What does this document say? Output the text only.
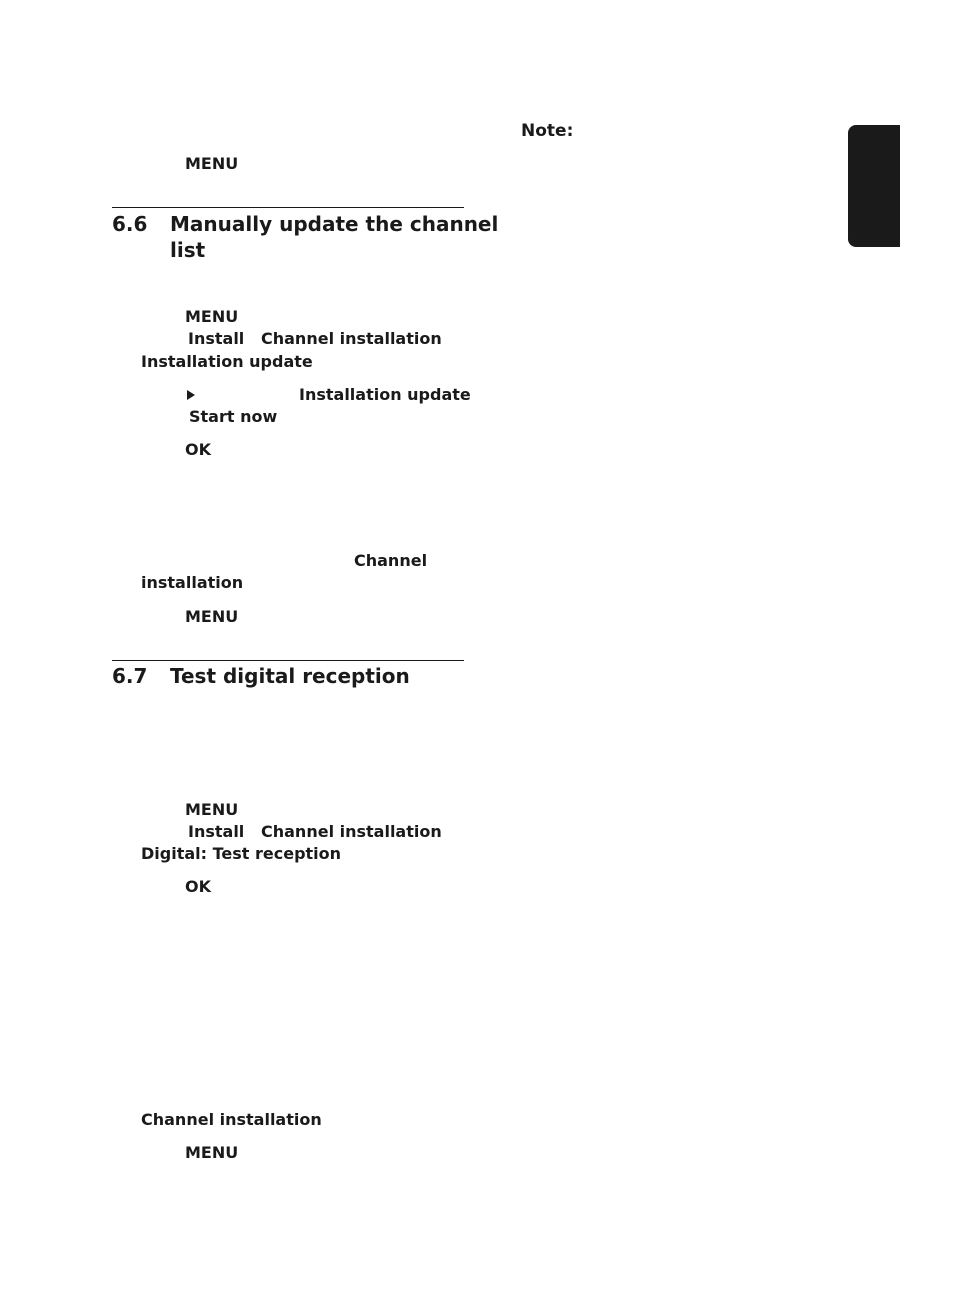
Note:
MENU
6.6 Manually update the channel
list
MENU
Install Channel installation
Installation update
Installation update
Start now
OK
Channel
installation
MENU
6.7 Test digital reception
MENU
Install Channel installation
Digital: Test reception
OK
Channel installation
MENU
